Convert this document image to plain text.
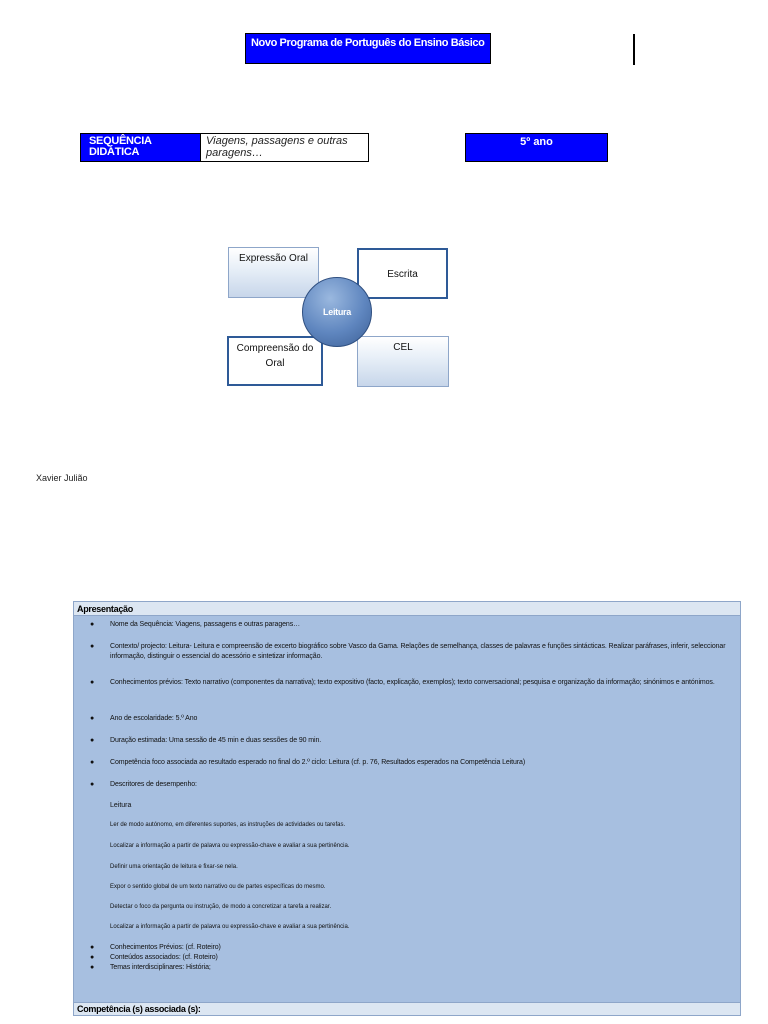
Novo Programa de Português do Ensino Básico
SEQUÊNCIA DIDÁTICA
Viagens, passagens e outras paragens…
5º ano
Expressão Oral
Escrita
Compreensão do Oral
CEL
Leitura
Xavier Julião
Apresentação
● Nome da Sequência: Viagens, passagens e outras paragens…
● Contexto/ projecto: Leitura- Leitura e compreensão de excerto biográfico sobre Vasco da Gama. Relações de semelhança, classes de palavras e funções sintácticas. Realizar paráfrases, inferir, seleccionar informação, distinguir o essencial do acessório e sintetizar informação.
● Conhecimentos prévios: Texto narrativo (componentes da narrativa); texto expositivo (facto, explicação, exemplos); texto conversacional; pesquisa e organização da informação; sinónimos e antónimos.
● Ano de escolaridade: 5.º Ano
● Duração estimada: Uma sessão de 45 min e duas sessões de 90 min.
● Competência foco associada ao resultado esperado no final do 2.º ciclo: Leitura (cf. p. 76, Resultados esperados na Competência Leitura)
● Descritores de desempenho:
Leitura
Ler de modo autónomo, em diferentes suportes, as instruções de actividades ou tarefas.
Localizar a informação a partir de palavra ou expressão-chave e avaliar a sua pertinência.
Definir uma orientação de leitura e fixar-se nela.
Expor o sentido global de um texto narrativo ou de partes específicas do mesmo.
Detectar o foco da pergunta ou instrução, de modo a concretizar a tarefa a realizar.
Localizar a informação a partir de palavra ou expressão-chave e avaliar a sua pertinência.
● Conhecimentos Prévios: (cf. Roteiro)
● Conteúdos associados: (cf. Roteiro)
● Temas interdisciplinares: História;
Competência (s) associada (s):
